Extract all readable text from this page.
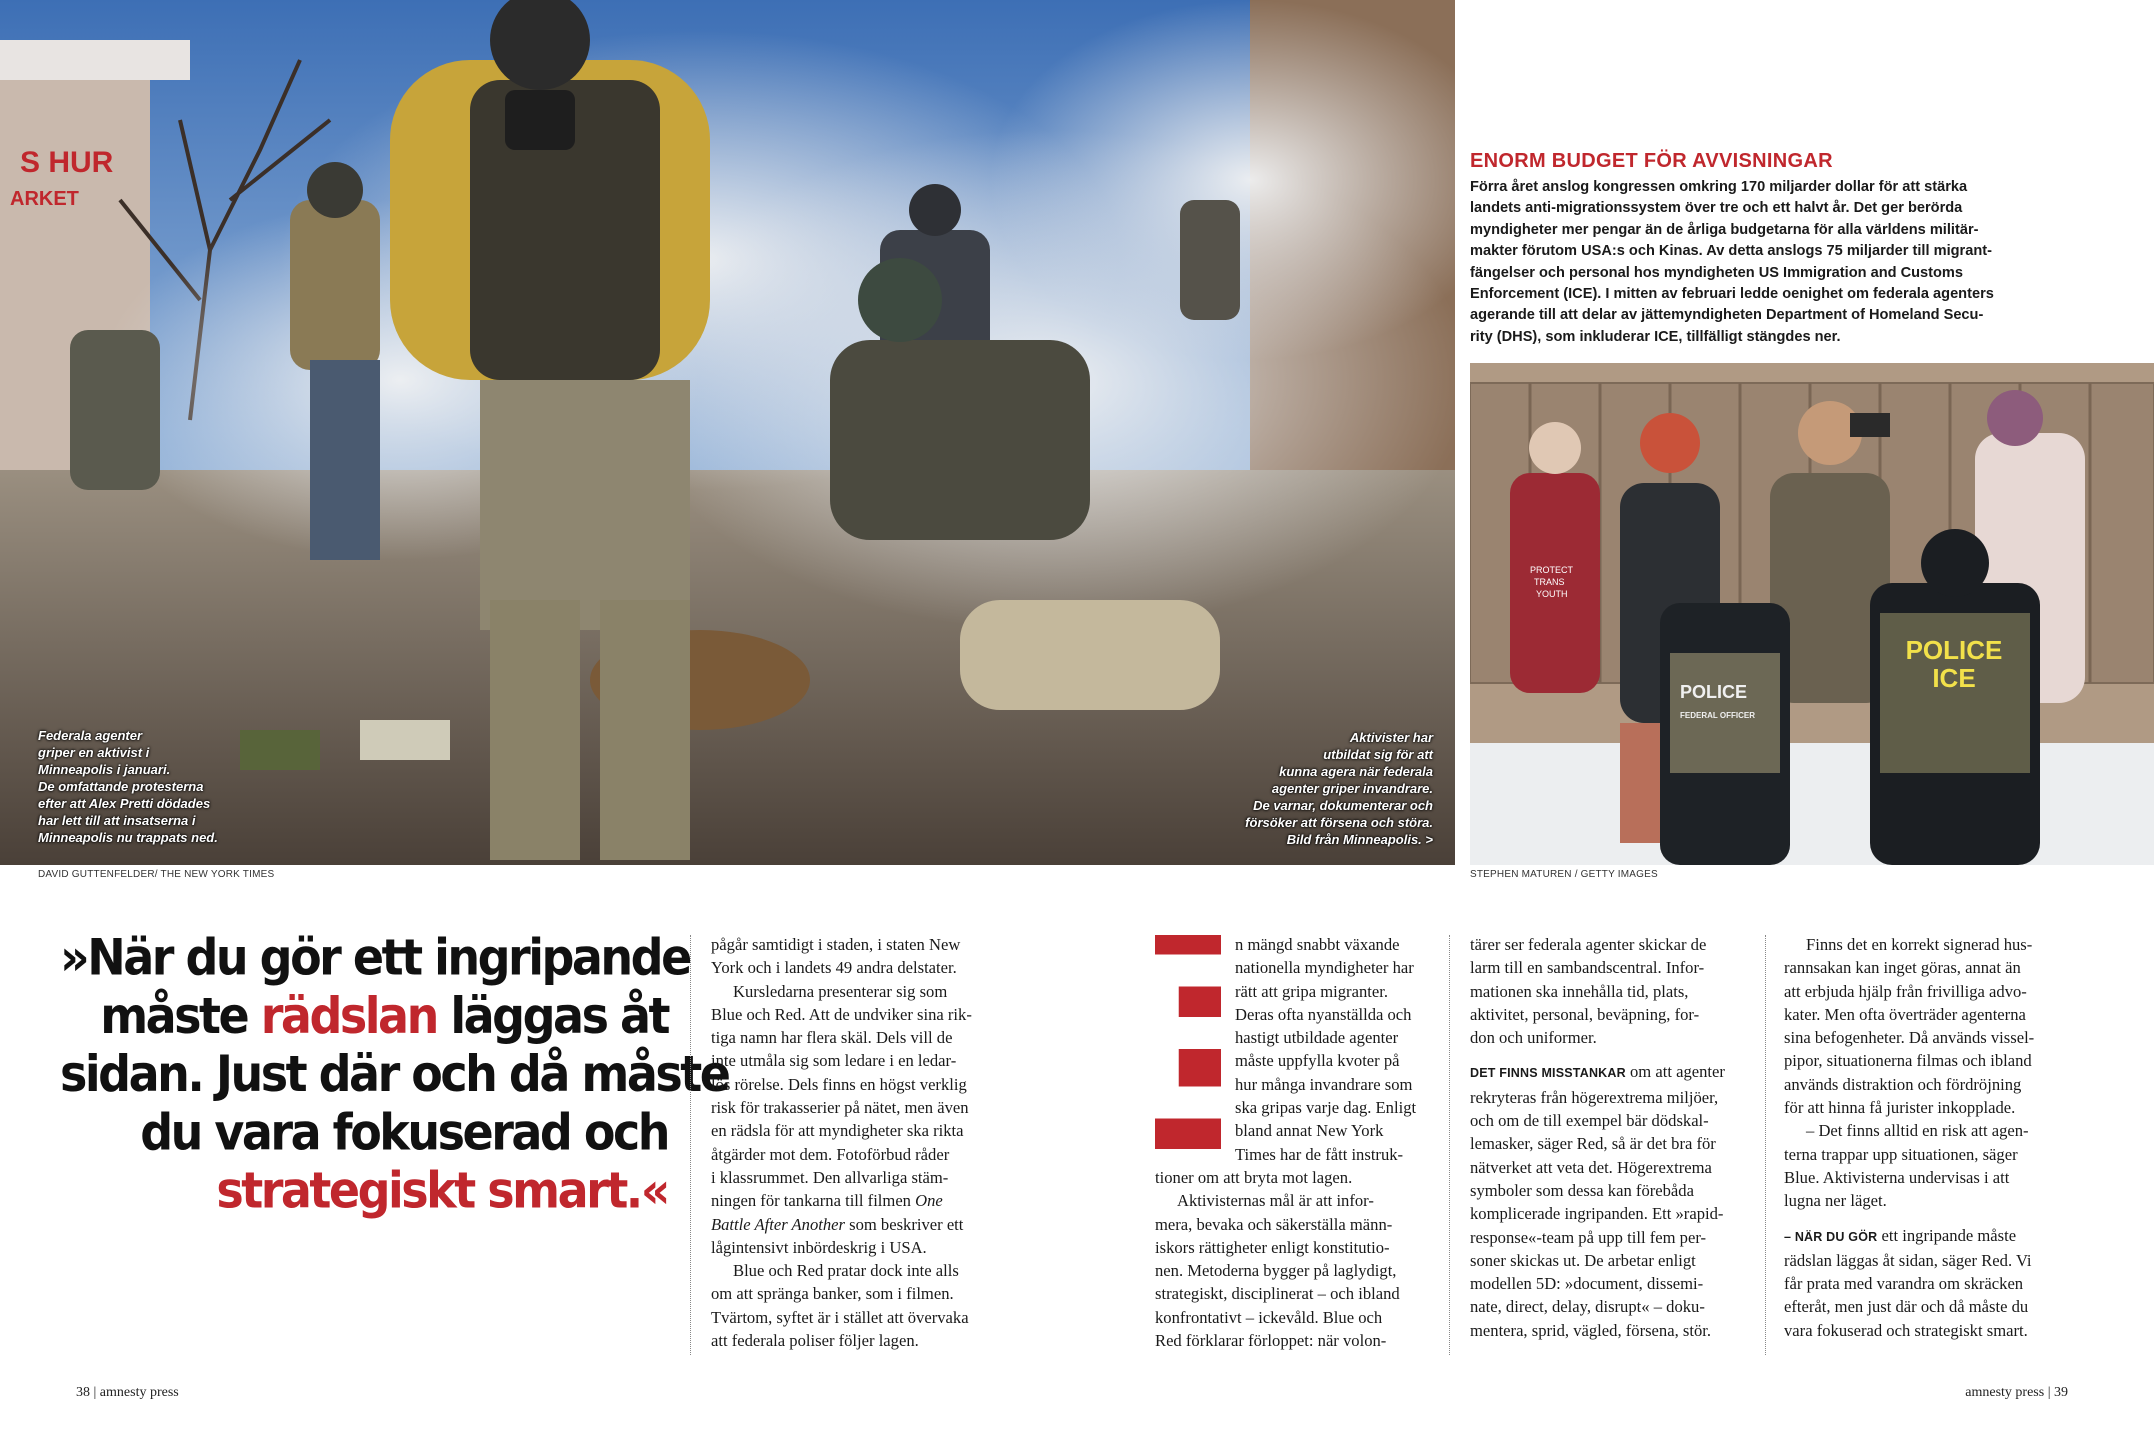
S HUR
ARKET
Federala agenter
griper en aktivist i
Minneapolis i januari.
De omfattande protesterna
efter att Alex Pretti dödades
har lett till att insatserna i
Minneapolis nu trappats ned.
Aktivister har
utbildat sig för att
kunna agera när federala
agenter griper invandrare.
De varnar, dokumenterar och
försöker att försena och störa.
Bild från Minneapolis. >
DAVID GUTTENFELDER/ THE NEW YORK TIMES
ENORM BUDGET FÖR AVVISNINGAR
Förra året anslog kongressen omkring 170 miljarder dollar för att stärka
landets anti-migrationssystem över tre och ett halvt år. Det ger berörda
myndigheter mer pengar än de årliga budgetarna för alla världens militär-
makter förutom USA:s och Kinas. Av detta anslogs 75 miljarder till migrant-
fängelser och personal hos myndigheten US Immigration and Customs
Enforcement (ICE). I mitten av februari ledde oenighet om federala agenters
agerande till att delar av jättemyndigheten Department of Homeland Secu-
rity (DHS), som inkluderar ICE, tillfälligt stängdes ner.
PROTECT
TRANS
YOUTH
POLICE
FEDERAL OFFICER
POLICE
ICE
STEPHEN MATUREN / GETTY IMAGES
»När du gör ett ingripande
måste rädslan läggas åt
sidan. Just där och då måste
du vara fokuserad och
strategiskt smart.«
pågår samtidigt i staden, i staten New
York och i landets 49 andra delstater.
Kursledarna presenterar sig som
Blue och Red. Att de undviker sina rik-
tiga namn har flera skäl. Dels vill de
inte utmåla sig som ledare i en ledar-
lös rörelse. Dels finns en högst verklig
risk för trakasserier på nätet, men även
en rädsla för att myndigheter ska rikta
åtgärder mot dem. Fotoförbud råder
i klassrummet. Den allvarliga stäm-
ningen för tankarna till filmen One
Battle After Another som beskriver ett
lågintensivt inbördeskrig i USA.
Blue och Red pratar dock inte alls
om att spränga banker, som i filmen.
Tvärtom, syftet är i stället att övervaka
att federala poliser följer lagen.
E
n mängd snabbt växande
nationella myndigheter har
rätt att gripa migranter.
Deras ofta nyanställda och
hastigt utbildade agenter
måste uppfylla kvoter på
hur många invandrare som
ska gripas varje dag. Enligt
bland annat New York
Times har de fått instruk-
tioner om att bryta mot lagen.
Aktivisternas mål är att infor-
mera, bevaka och säkerställa männ-
iskors rättigheter enligt konstitutio-
nen. Metoderna bygger på laglydigt,
strategiskt, disciplinerat – och ibland
konfrontativt – ickevåld. Blue och
Red förklarar förloppet: när volon-
tärer ser federala agenter skickar de
larm till en sambandscentral. Infor-
mationen ska innehålla tid, plats,
aktivitet, personal, beväpning, for-
don och uniformer.
DET FINNS MISSTANKAR om att agenter
rekryteras från högerextrema miljöer,
och om de till exempel bär dödskal-
lemasker, säger Red, så är det bra för
nätverket att veta det. Högerextrema
symboler som dessa kan förebåda
komplicerade ingripanden. Ett »rapid-
response«-team på upp till fem per-
soner skickas ut. De arbetar enligt
modellen 5D: »document, dissemi-
nate, direct, delay, disrupt« – doku-
mentera, sprid, vägled, försena, stör.
Finns det en korrekt signerad hus-
rannsakan kan inget göras, annat än
att erbjuda hjälp från frivilliga advo-
kater. Men ofta överträder agenterna
sina befogenheter. Då används vissel-
pipor, situationerna filmas och ibland
används distraktion och fördröjning
för att hinna få jurister inkopplade.
– Det finns alltid en risk att agen-
terna trappar upp situationen, säger
Blue. Aktivisterna undervisas i att
lugna ner läget.
– NÄR DU GÖR ett ingripande måste
rädslan läggas åt sidan, säger Red. Vi
får prata med varandra om skräcken
efteråt, men just där och då måste du
vara fokuserad och strategiskt smart.
38 | amnesty press	amnesty press | 39
